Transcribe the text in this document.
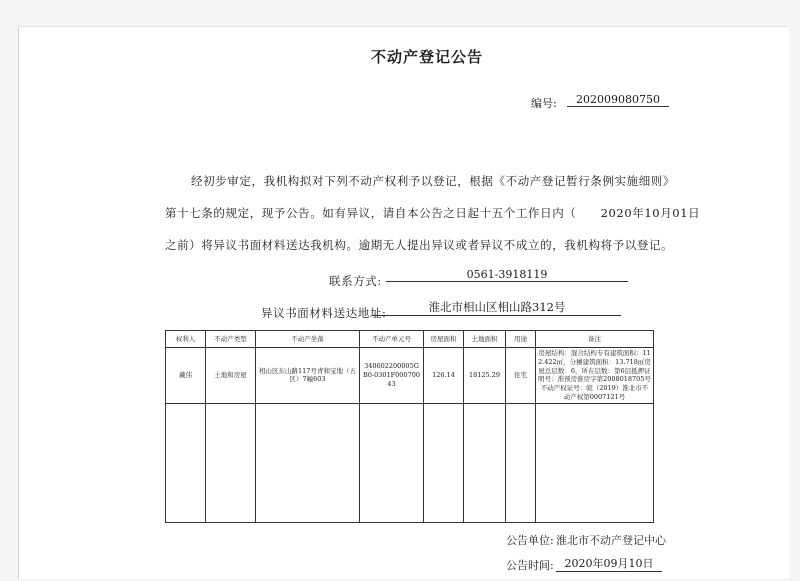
不动产登记公告
编号:	202009080750
经初步审定，我机构拟对下列不动产权利予以登记，根据《不动产登记暂行条例实施细则》
第十七条的规定，现予公告。如有异议，请自本公告之日起十五个工作日内（　　2020年10月01日
之前）将异议书面材料送达我机构。逾期无人提出异议或者异议不成立的，我机构将予以登记。
联系方式:	0561-3918119
异议书面材料送达地址:	淮北市相山区相山路312号
权利人	不动产类型	不动产坐落	不动产单元号	房屋面积	土地面积	用途	备注
戴伟	土地和房屋	相山区东山路117号青和宝地（五区）7幢603	340602200005GB0-0301F00070043	126.14	18125.29	住宅	房屋结构：混合结构专有建筑面积：112.422㎡，分摊建筑面积：13.718㎡房屋总层数：6，所在层数：第6层抵押证明号：淮预房淮房字第2008018705号不动产权证号：皖（2019）淮北市不动产权第0007121号

公告单位: 淮北市不动产登记中心
公告时间: 2020年09月10日
